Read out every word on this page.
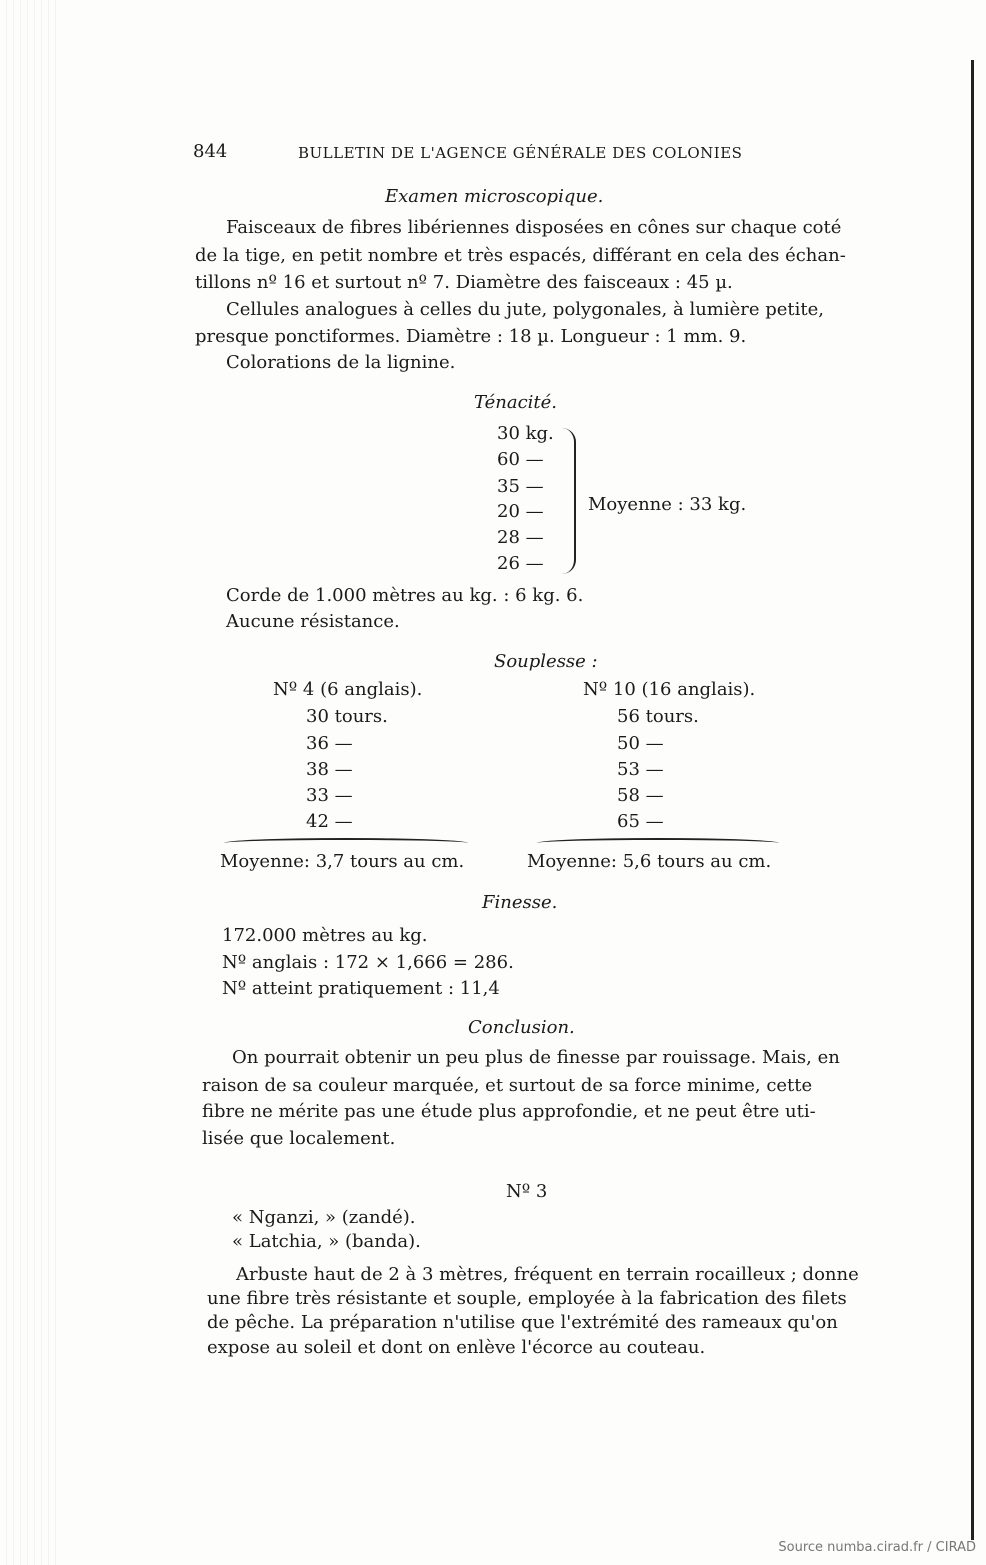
844	BULLETIN DE L'AGENCE GÉNÉRALE DES COLONIES
Examen microscopique.
Faisceaux de fibres libériennes disposées en cônes sur chaque coté
de la tige, en petit nombre et très espacés, différant en cela des échan-
tillons nº 16 et surtout nº 7. Diamètre des faisceaux : 45 µ.
Cellules analogues à celles du jute, polygonales, à lumière petite,
presque ponctiformes. Diamètre : 18 µ. Longueur : 1 mm. 9.
Colorations de la lignine.
Ténacité.
30 kg.
60 —
35 —
20 —
28 —
26 —
Moyenne : 33 kg.
Corde de 1.000 mètres au kg. : 6 kg. 6.
Aucune résistance.
Souplesse :
Nº 4 (6 anglais).
30 tours.
36 —
38 —
33 —
42 —
Moyenne: 3,7 tours au cm.
Nº 10 (16 anglais).
56 tours.
50 —
53 —
58 —
65 —
Moyenne: 5,6 tours au cm.
Finesse.
172.000 mètres au kg.
Nº anglais : 172 × 1,666 = 286.
Nº atteint pratiquement : 11,4
Conclusion.
On pourrait obtenir un peu plus de finesse par rouissage. Mais, en
raison de sa couleur marquée, et surtout de sa force minime, cette
fibre ne mérite pas une étude plus approfondie, et ne peut être uti-
lisée que localement.
Nº 3
« Nganzi, » (zandé).
« Latchia, » (banda).
Arbuste haut de 2 à 3 mètres, fréquent en terrain rocailleux ; donne
une fibre très résistante et souple, employée à la fabrication des filets
de pêche. La préparation n'utilise que l'extrémité des rameaux qu'on
expose au soleil et dont on enlève l'écorce au couteau.
Source numba.cirad.fr / CIRAD
